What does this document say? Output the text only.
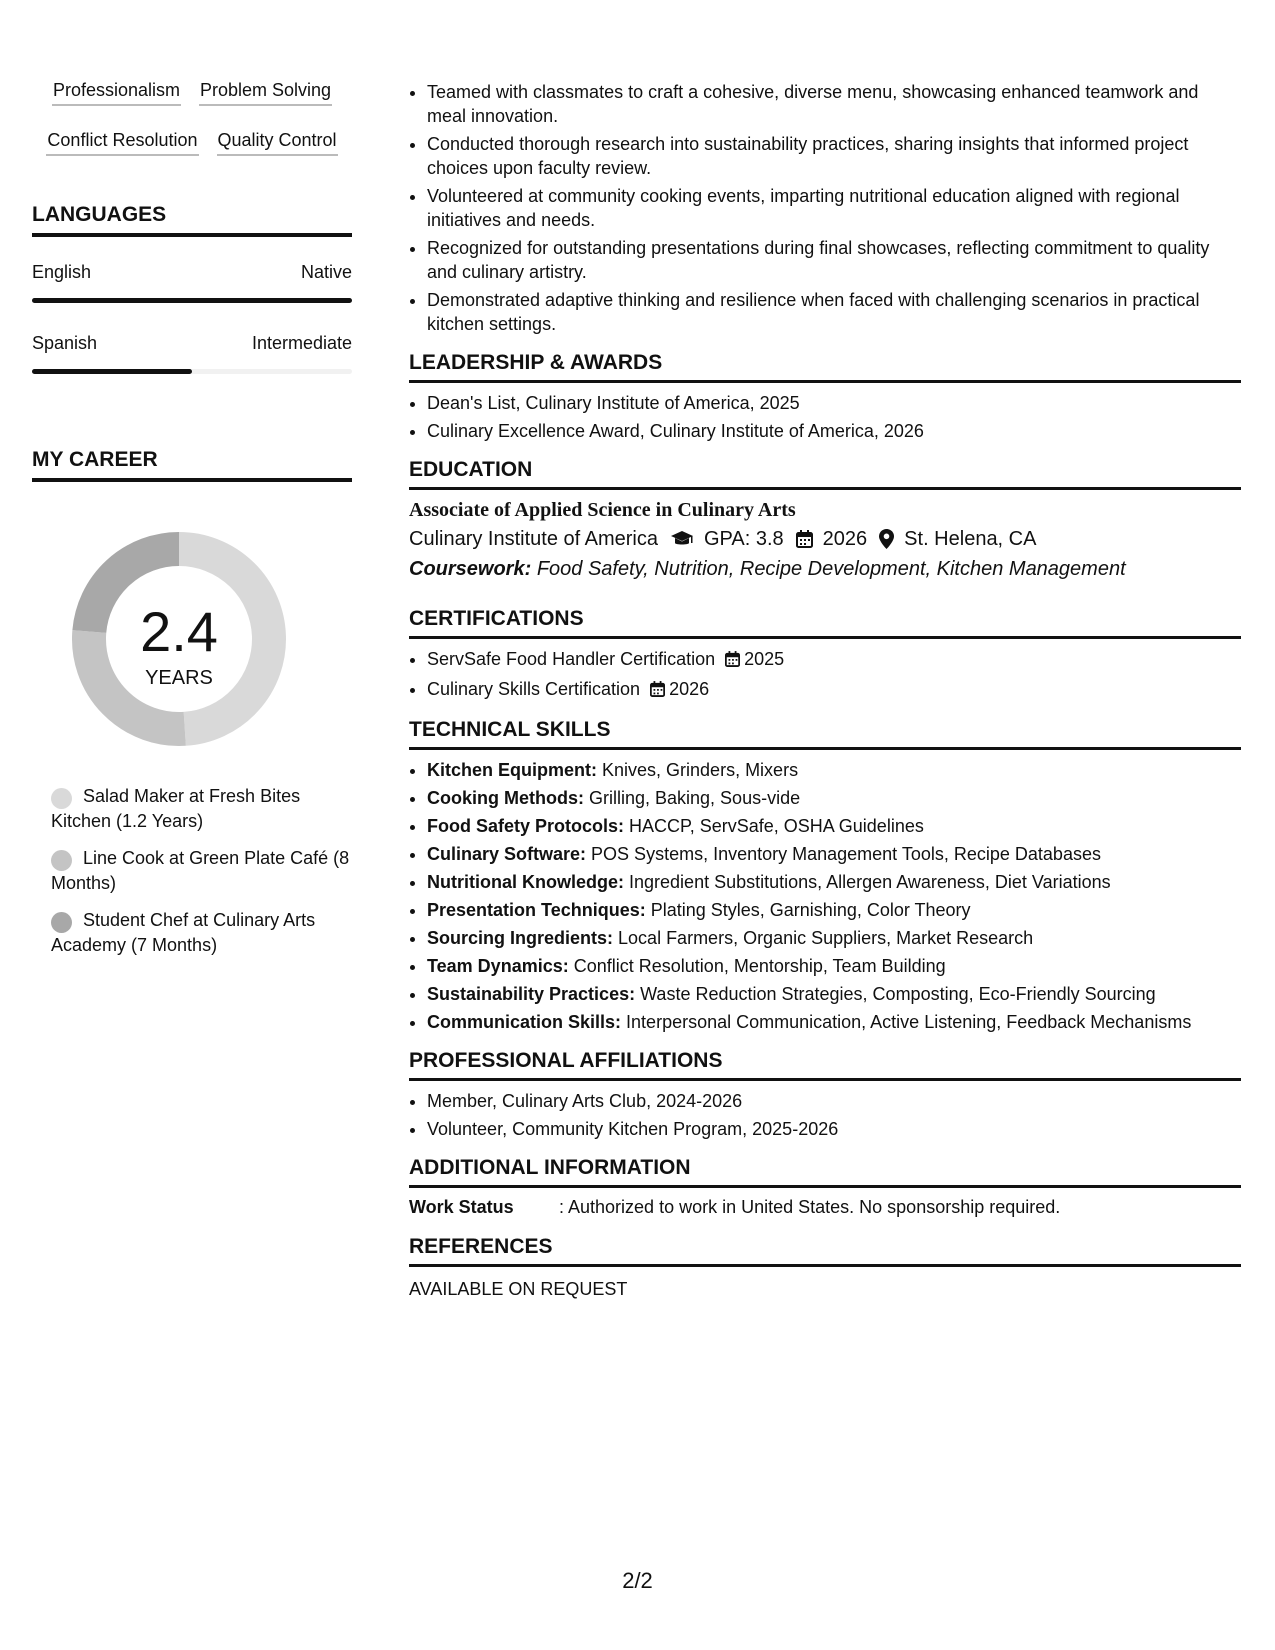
Professionalism Problem Solving
Conflict Resolution Quality Control
LANGUAGES
English	Native
Spanish	Intermediate
MY CAREER
2.4
YEARS
Salad Maker at Fresh Bites Kitchen (1.2 Years)
Line Cook at Green Plate Café (8 Months)
Student Chef at Culinary Arts Academy (7 Months)
• Teamed with classmates to craft a cohesive, diverse menu, showcasing enhanced teamwork and meal innovation.
• Conducted thorough research into sustainability practices, sharing insights that informed project choices upon faculty review.
• Volunteered at community cooking events, imparting nutritional education aligned with regional initiatives and needs.
• Recognized for outstanding presentations during final showcases, reflecting commitment to quality and culinary artistry.
• Demonstrated adaptive thinking and resilience when faced with challenging scenarios in practical kitchen settings.
LEADERSHIP & AWARDS
• Dean's List, Culinary Institute of America, 2025
• Culinary Excellence Award, Culinary Institute of America, 2026
EDUCATION
Associate of Applied Science in Culinary Arts
Culinary Institute of America GPA: 3.8 2026 St. Helena, CA
Coursework: Food Safety, Nutrition, Recipe Development, Kitchen Management
CERTIFICATIONS
• ServSafe Food Handler Certification 2025
• Culinary Skills Certification 2026
TECHNICAL SKILLS
• Kitchen Equipment: Knives, Grinders, Mixers
• Cooking Methods: Grilling, Baking, Sous-vide
• Food Safety Protocols: HACCP, ServSafe, OSHA Guidelines
• Culinary Software: POS Systems, Inventory Management Tools, Recipe Databases
• Nutritional Knowledge: Ingredient Substitutions, Allergen Awareness, Diet Variations
• Presentation Techniques: Plating Styles, Garnishing, Color Theory
• Sourcing Ingredients: Local Farmers, Organic Suppliers, Market Research
• Team Dynamics: Conflict Resolution, Mentorship, Team Building
• Sustainability Practices: Waste Reduction Strategies, Composting, Eco-Friendly Sourcing
• Communication Skills: Interpersonal Communication, Active Listening, Feedback Mechanisms
PROFESSIONAL AFFILIATIONS
• Member, Culinary Arts Club, 2024-2026
• Volunteer, Community Kitchen Program, 2025-2026
ADDITIONAL INFORMATION
Work Status	: Authorized to work in United States. No sponsorship required.
REFERENCES
AVAILABLE ON REQUEST
2/2
